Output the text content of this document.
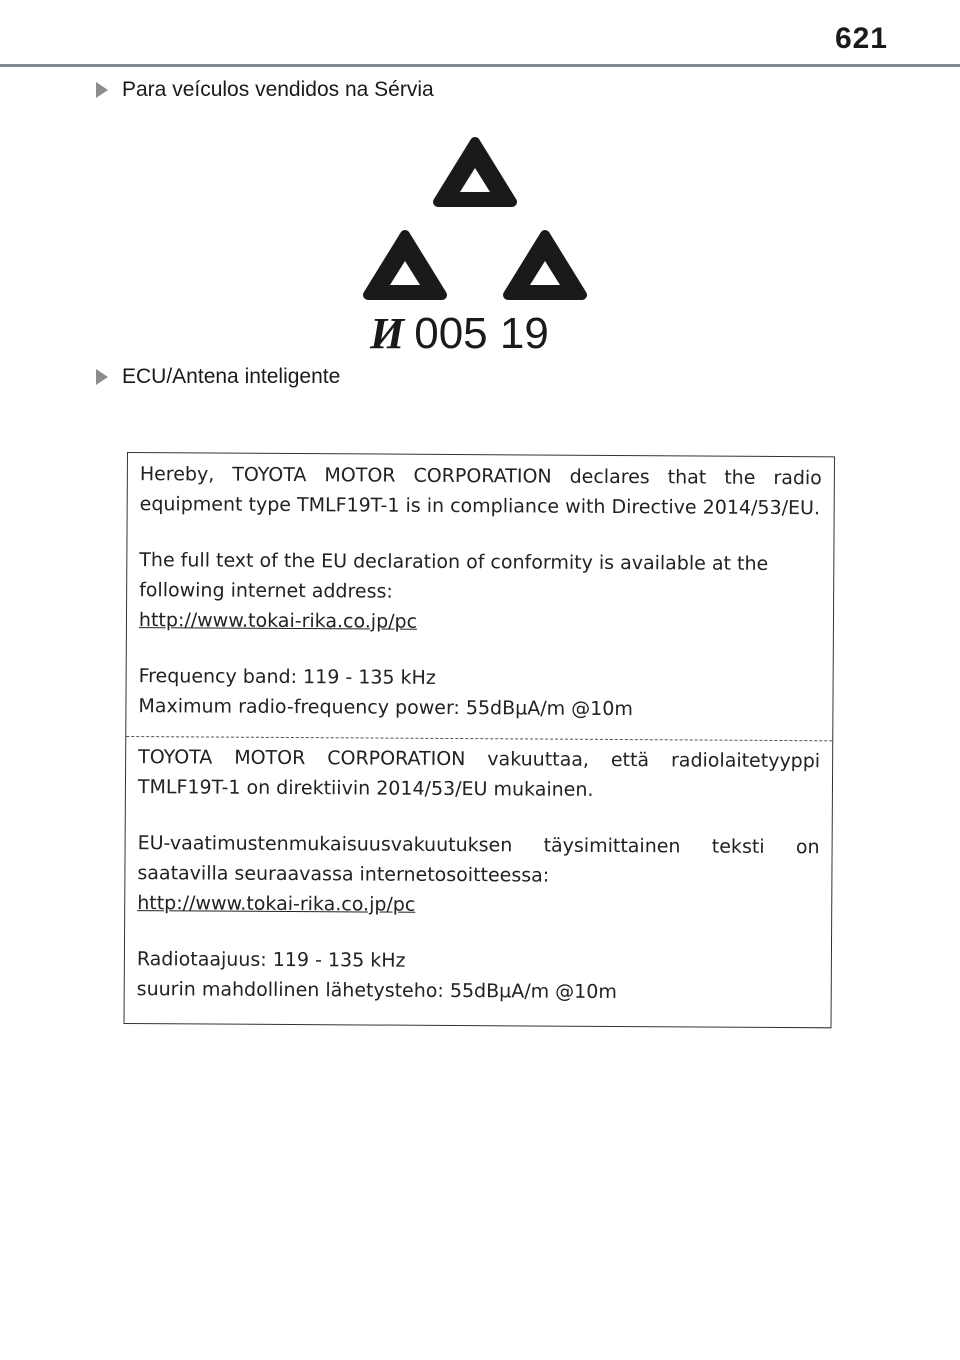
621
Para veículos vendidos na Sérvia
И 005 19
ECU/Antena inteligente

Hereby, TOYOTA MOTOR CORPORATION declares that the radio

equipment type TMLF19T-1 is in compliance with Directive 2014/53/EU.

The full text of the EU declaration of conformity is available at the

following internet address:

http://www.tokai-rika.co.jp/pc

Frequency band: 119 - 135 kHz

Maximum radio-frequency power: 55dBμA/m @10m

TOYOTA MOTOR CORPORATION vakuuttaa, että radiolaitetyyppi

TMLF19T-1 on direktiivin 2014/53/EU mukainen.

EU-vaatimustenmukaisuusvakuutuksen täysimittainen teksti on

saatavilla seuraavassa internetosoitteessa:

http://www.tokai-rika.co.jp/pc

Radiotaajuus: 119 - 135 kHz

suurin mahdollinen lähetysteho: 55dBμA/m @10m
